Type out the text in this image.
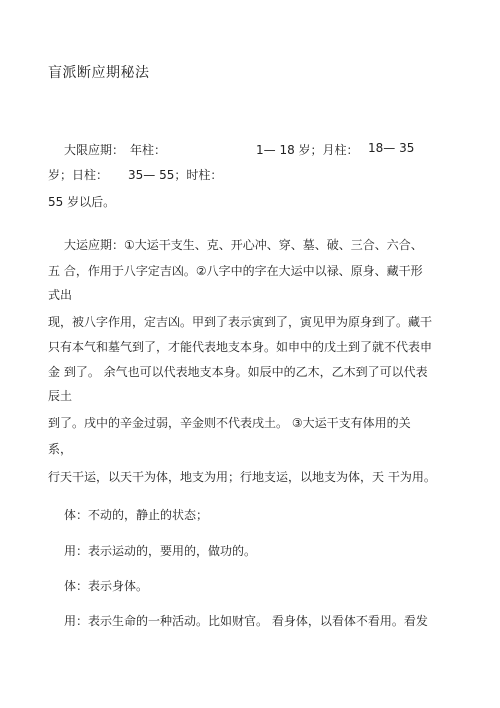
盲派断应期秘法
大限应期： 年柱：	1— 18 岁；月柱： 18— 35
岁；日柱： 35— 55；时柱：
55 岁以后。
大运应期：①大运干支生、克、开心冲、穿、墓、破、三合、六合、
五 合，作用于八字定吉凶。②八字中的字在大运中以禄、原身、藏干形
式出
现，被八字作用，定吉凶。甲到了表示寅到了，寅见甲为原身到了。藏干
只有本气和墓气到了，才能代表地支本身。如申中的戊土到了就不代表申
金 到了。 余气也可以代表地支本身。如辰中的乙木，乙木到了可以代表
辰土
到了。戌中的辛金过弱，辛金则不代表戌土。 ③大运干支有体用的关
系，
行天干运，以天干为体，地支为用；行地支运，以地支为体，天 干为用。
体：不动的，静止的状态；
用：表示运动的，要用的，做功的。
体：表示身体。
用：表示生命的一种活动。比如财官。 看身体，以看体不看用。看发
